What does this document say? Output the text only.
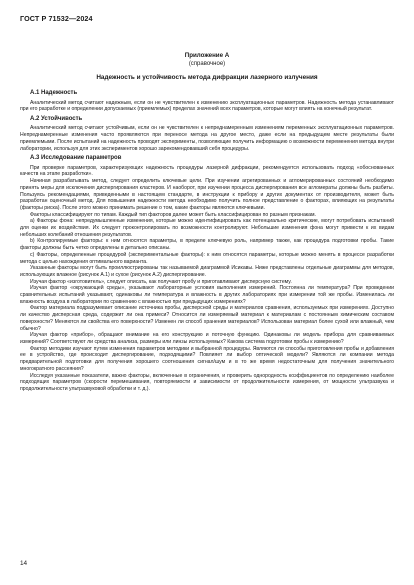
ГОСТ Р 71532—2024
Приложение А
(справочное)
Надежность и устойчивость метода дифракции лазерного излучения
А.1 Надежность

Аналитический метод считают надежным, если он не чувствителен к изменению эксплуатационных параметров. Надежность метода устанавливают при его разработке и определении допускаемых (приемлемых) пределах значений всех параметров, которые могут влиять на конечный результат.

А.2 Устойчивость

Аналитический метод считают устойчивым, если он не чувствителен к непреднамеренным изменениям переменных эксплуатационных параметров. Непреднамеренные изменения часто проявляются при переносе метода на другое место, даже если на предыдущем месте результаты были приемлемыми. После испытаний на надежность проводят эксперименты, позволяющие получить информацию о возможности переменения метода внутри лаборатории, используя для этих экспериментов хорошо зарекомендовавший себя процедуры.

А.3 Исследование параметров

При проверке параметров, характеризующих надежность процедуры лазерной дифракции, рекомендуется использовать подход «обоснованных качеств на этапе разработки».

Начиная разрабатывать метод, следует определить ключевые цели. При изучении агрегированных и агломерированных состояний необходимо принять меры для исключения диспергирования кластеров. И наоборот, при изучении процесса диспергирования все агломераты должны быть разбиты. Пользуясь рекомендациями, приведенными в настоящем стандарте, в инструкции к прибору и других документах от производителя, может быть разработан оценочный метод. Для повышения надежности метода необходимо получить полное представление о факторах, влияющих на результаты (факторы риска). После этого можно принимать решение о том, какие факторы являются ключевыми.

Факторы классифицируют по типам. Каждый тип факторов далее может быть классифицирован по разным признакам.

а) Факторы фона: непредумышленные изменения, которые можно идентифицировать как потенциально критические, могут потребовать испытаний для оценки их воздействия. Их следует проконтролировать по возможности контролируют. Небольшие изменения фона могут привести к их видам небольших колебаний отношения результатов.

b) Контролируемые факторы: к ним относятся параметры, в пределе ключевую роль, например также, как процедура подготовки пробы. Такие факторы должны быть четко определены в детально описаны.

c) Факторы, определенные процедурой (экспериментальные факторы): к ним относятся параметры, которые можно менять в процессе разработки метода с целью нахождения оптимального варианта.

Указанные факторы могут быть проиллюстрированы так называемой диаграммой Исикавы. Ниже представлены отдельные диаграммы для методов, использующих влажное (рисунок А.1) и сухое (рисунок А.2) диспергирование.

Изучая фактор «изготовитель», следует описать, как получают пробу и приготавливают дисперсную систему.

Изучая фактор «окружающей среды», указывают лабораторные условия выполнения измерений. Постоянна ли температура? При проведении сравнительных испытаний указывают, одинаковы ли температура и влажность в других лабораториях при измерении той же пробы. Изменилась ли влажность воздуха в лаборатории по сравнению с влажностью при предыдущих измерениях?

Фактор материала подразумевает описание источника пробы, дисперсной среды и материалов сравнения, используемых при измерениях. Доступно ли качество дисперсная среда, содержит ли она примеси? Относится ли измеряемый материал к материалам с постоянным химическим составом поверхности? Меняются ли свойства его поверхности? Изменен ли способ хранения материалов? Использован материал более сухой или влажный, чем обычно?

Изучая фактор «прибор», обращают внимание на его конструкцию и поточную функцию. Одинаковы ли модель прибора для сравниваемых измерений? Соответствуют ли средства анализа, размеры или линзы используемых? Какова система подготовки пробы к измерению?

Фактор методики изучают путем изменения параметров методики и выбранной процедуры. Являются ли способы приготовления пробы и добавления ее в устройство, где происходит диспергирование, подходящими? Повлияет ли выбор оптической модели? Являются ли компании метода предварительной подготовки для получения хорошего соотношения сигнал/шум и в то же время недостаточным для получения значительного многократного рассеяния?

Исследуя указанные показатели, важно факторы, включенные в ограничения, и проверить однородность коэффициентов по определению наиболее подходящих параметров (скорости перемешивания, повторяемости и зависимости от продолжительности измерения, от мощности ультразвука и продолжительности ультразвуковой обработки и т. д.).

14
